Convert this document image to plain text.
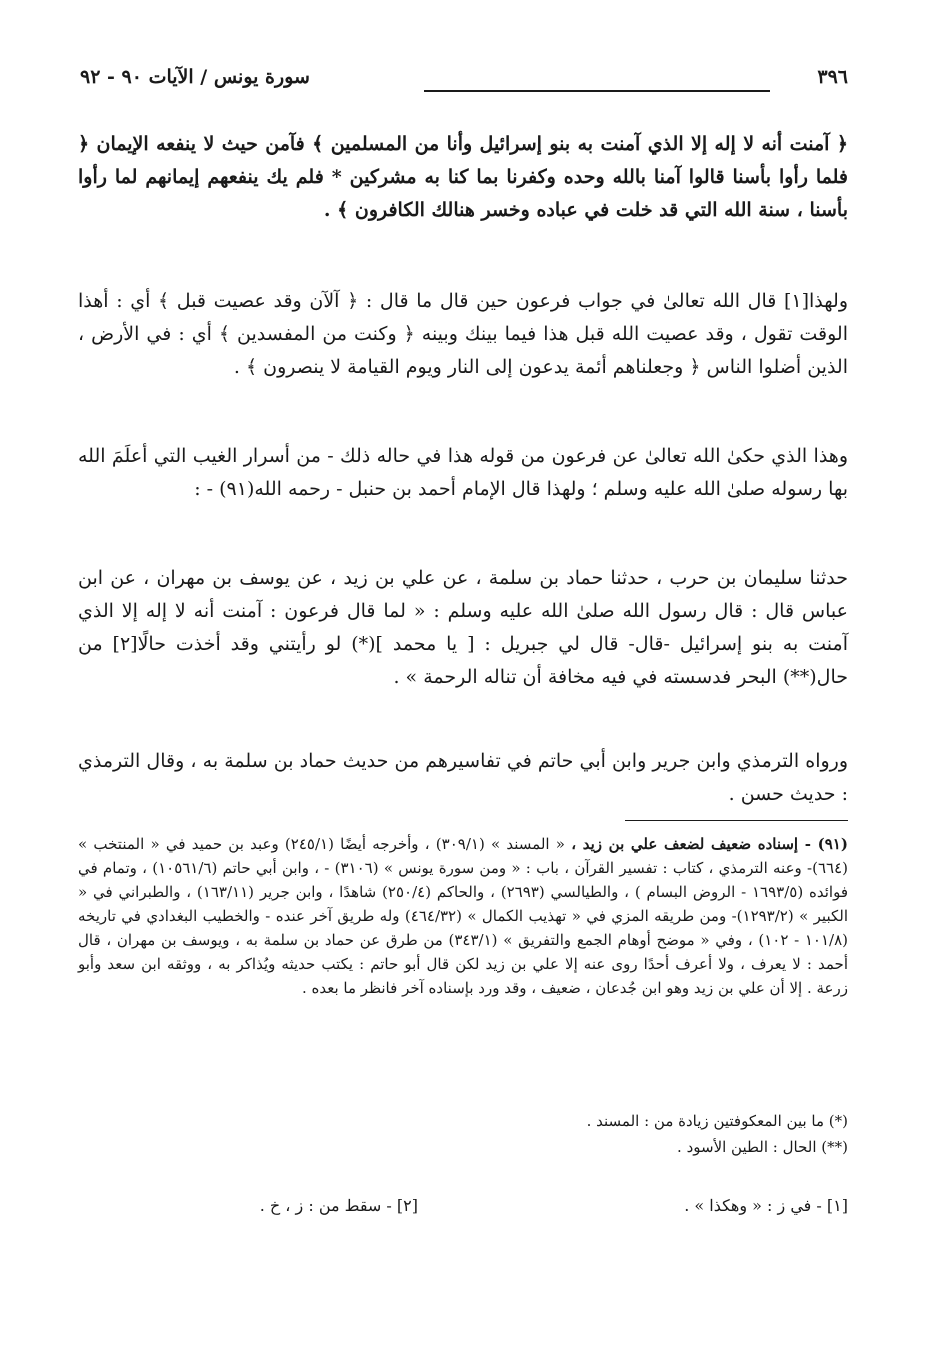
٣٩٦
سورة يونس / الآيات ٩٠ - ٩٢

﴿ آمنت أنه لا إله إلا الذي آمنت به بنو إسرائيل وأنا من المسلمين ﴾ فآمن حيث لا ينفعه الإيمان ﴿ فلما رأوا بأسنا قالوا آمنا بالله وحده وكفرنا بما كنا به مشركين * فلم يك ينفعهم إيمانهم لما رأوا بأسنا ، سنة الله التي قد خلت في عباده وخسر هنالك الكافرون ﴾ .

ولهذا[١] قال الله تعالىٰ في جواب فرعون حين قال ما قال : ﴿ آلآن وقد عصيت قبل ﴾ أي : أهذا الوقت تقول ، وقد عصيت الله قبل هذا فيما بينك وبينه ﴿ وكنت من المفسدين ﴾ أي : في الأرض ، الذين أضلوا الناس ﴿ وجعلناهم أئمة يدعون إلى النار ويوم القيامة لا ينصرون ﴾ .

وهذا الذي حكىٰ الله تعالىٰ عن فرعون من قوله هذا في حاله ذلك - من أسرار الغيب التي أعلَمَ الله بها رسوله صلىٰ الله عليه وسلم ؛ ولهذا قال الإمام أحمد بن حنبل - رحمه الله(٩١) - :

حدثنا سليمان بن حرب ، حدثنا حماد بن سلمة ، عن علي بن زيد ، عن يوسف بن مهران ، عن ابن عباس قال : قال رسول الله صلىٰ الله عليه وسلم : « لما قال فرعون : آمنت أنه لا إله إلا الذي آمنت به بنو إسرائيل -قال- قال لي جبريل : [ يا محمد ](*) لو رأيتني وقد أخذت حالًا[٢] من حال(**) البحر فدسسته في فيه مخافة أن تناله الرحمة » .

ورواه الترمذي وابن جرير وابن أبي حاتم في تفاسيرهم من حديث حماد بن سلمة به ، وقال الترمذي : حديث حسن .

(٩١) - إسناده ضعيف لضعف علي بن زيد ، « المسند » (٣٠٩/١) ، وأخرجه أيضًا (٢٤٥/١) وعبد بن حميد في « المنتخب » (٦٦٤)- وعنه الترمذي ، كتاب : تفسير القرآن ، باب : « ومن سورة يونس » (٣١٠٦) - ، وابن أبي حاتم (١٠٥٦١/٦) ، وتمام في فوائده (١٦٩٣/٥ - الروض البسام ) ، والطيالسي (٢٦٩٣) ، والحاكم (٢٥٠/٤) شاهدًا ، وابن جرير (١٦٣/١١) ، والطبراني في « الكبير » (١٢٩٣/٢)- ومن طريقه المزي في « تهذيب الكمال » (٤٦٤/٣٢) وله طريق آخر عنده - والخطيب البغدادي في تاريخه (١٠١/٨ - ١٠٢) ، وفي « موضح أوهام الجمع والتفريق » (٣٤٣/١) من طرق عن حماد بن سلمة به ، ويوسف بن مهران ، قال أحمد : لا يعرف ، ولا أعرف أحدًا روى عنه إلا علي بن زيد لكن قال أبو حاتم : يكتب حديثه ويُذاكر به ، ووثقه ابن سعد وأبو زرعة . إلا أن علي بن زيد وهو ابن جُدعان ، ضعيف ، وقد ورد بإسناده آخر فانظر ما بعده .

(*) ما بين المعكوفتين زيادة من : المسند .

(**) الحال : الطين الأسود .

[١] - في ز : « وهكذا » .
[٢] - سقط من : ز ، خ .
